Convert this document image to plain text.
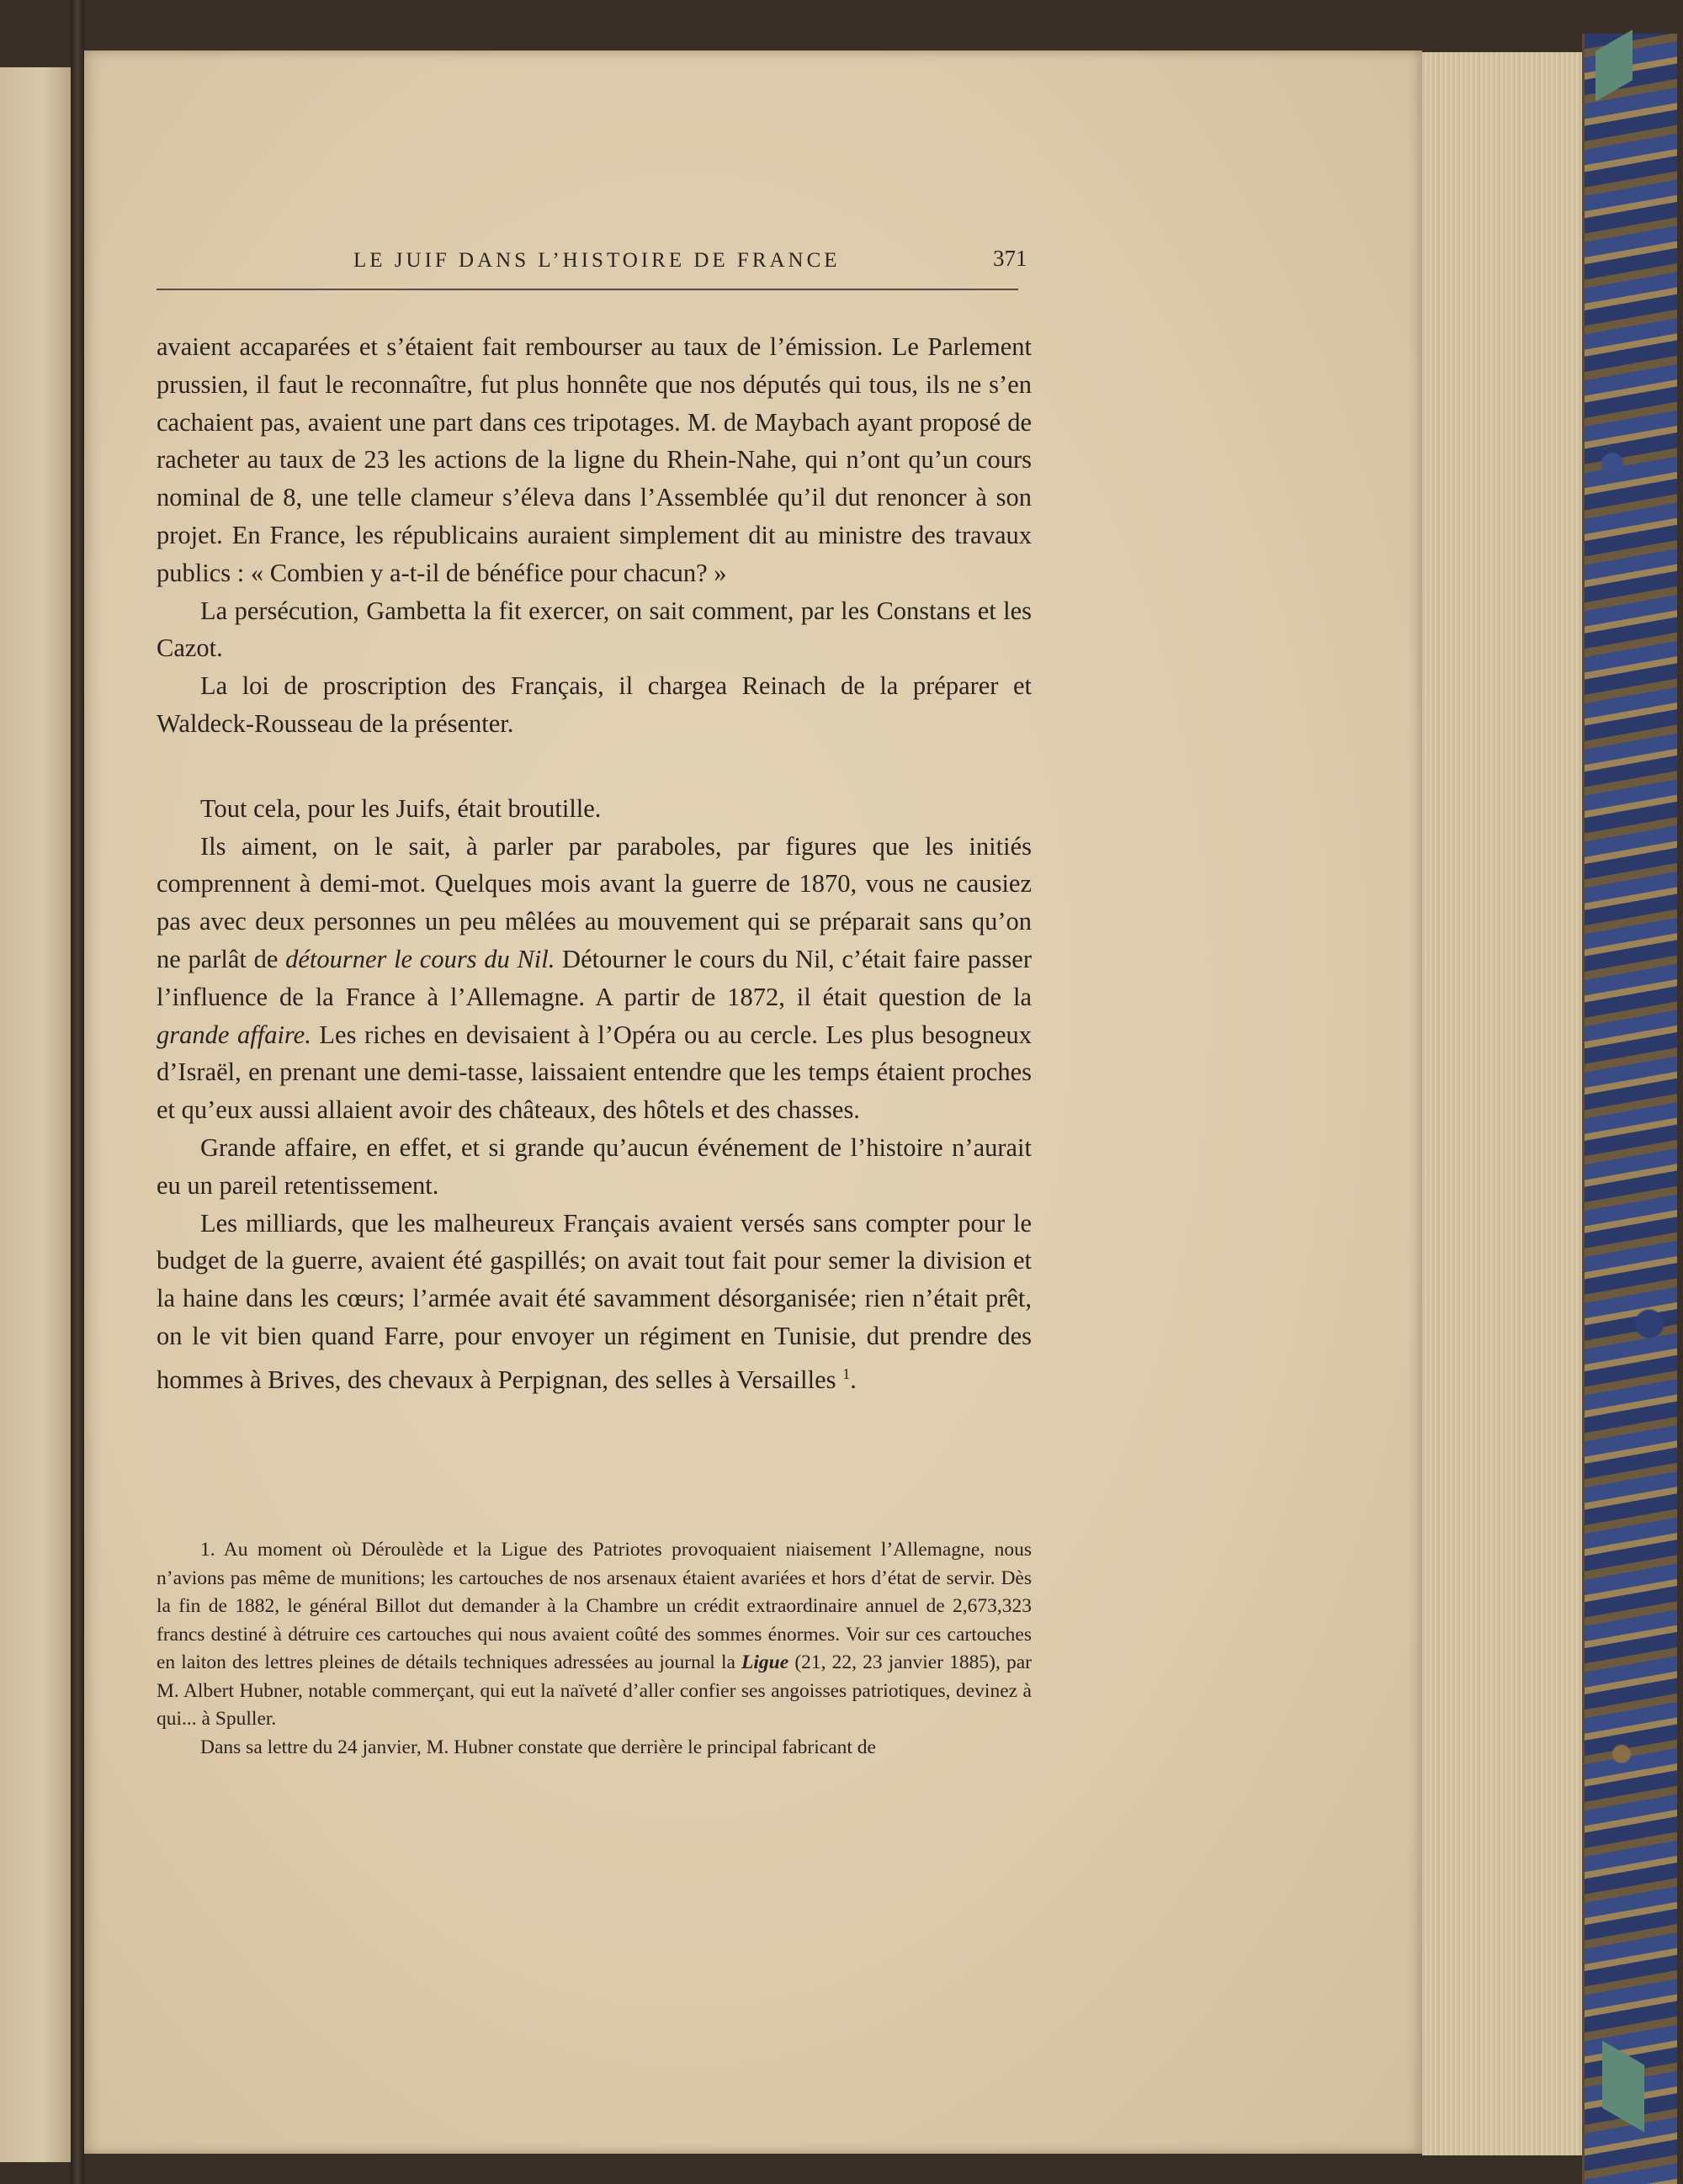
LE JUIF DANS L’HISTOIRE DE FRANCE	371

avaient accaparées et s’étaient fait rembourser au taux de l’émission. Le Parlement prussien, il faut le reconnaître, fut plus honnête que nos députés qui tous, ils ne s’en cachaient pas, avaient une part dans ces tripotages. M. de Maybach ayant proposé de racheter au taux de 23 les actions de la ligne du Rhein-Nahe, qui n’ont qu’un cours nominal de 8, une telle clameur s’éleva dans l’Assemblée qu’il dut renoncer à son projet. En France, les républicains auraient simplement dit au ministre des travaux publics : « Combien y a-t-il de bénéfice pour chacun? »

La persécution, Gambetta la fit exercer, on sait comment, par les Constans et les Cazot.

La loi de proscription des Français, il chargea Reinach de la préparer et Waldeck-Rousseau de la présenter.

Tout cela, pour les Juifs, était broutille.

Ils aiment, on le sait, à parler par paraboles, par figures que les initiés comprennent à demi-mot. Quelques mois avant la guerre de 1870, vous ne causiez pas avec deux personnes un peu mêlées au mouvement qui se préparait sans qu’on ne parlât de détourner le cours du Nil. Détourner le cours du Nil, c’était faire passer l’influence de la France à l’Allemagne. A partir de 1872, il était question de la grande affaire. Les riches en devisaient à l’Opéra ou au cercle. Les plus besogneux d’Israël, en prenant une demi-tasse, laissaient entendre que les temps étaient proches et qu’eux aussi allaient avoir des châteaux, des hôtels et des chasses.

Grande affaire, en effet, et si grande qu’aucun événement de l’histoire n’aurait eu un pareil retentissement.

Les milliards, que les malheureux Français avaient versés sans compter pour le budget de la guerre, avaient été gaspillés; on avait tout fait pour semer la division et la haine dans les cœurs; l’armée avait été savamment désorganisée; rien n’était prêt, on le vit bien quand Farre, pour envoyer un régiment en Tunisie, dut prendre des hommes à Brives, des chevaux à Perpignan, des selles à Versailles $^1$.

1. Au moment où Déroulède et la Ligue des Patriotes provoquaient niaisement l’Allemagne, nous n’avions pas même de munitions; les cartouches de nos arsenaux étaient avariées et hors d’état de servir. Dès la fin de 1882, le général Billot dut demander à la Chambre un crédit extraordinaire annuel de 2,673,323 francs destiné à détruire ces cartouches qui nous avaient coûté des sommes énormes. Voir sur ces cartouches en laiton des lettres pleines de détails techniques adressées au journal la Ligue (21, 22, 23 janvier 1885), par M. Albert Hubner, notable commerçant, qui eut la naïveté d’aller confier ses angoisses patriotiques, devinez à qui... à Spuller.

Dans sa lettre du 24 janvier, M. Hubner constate que derrière le principal fabricant de
